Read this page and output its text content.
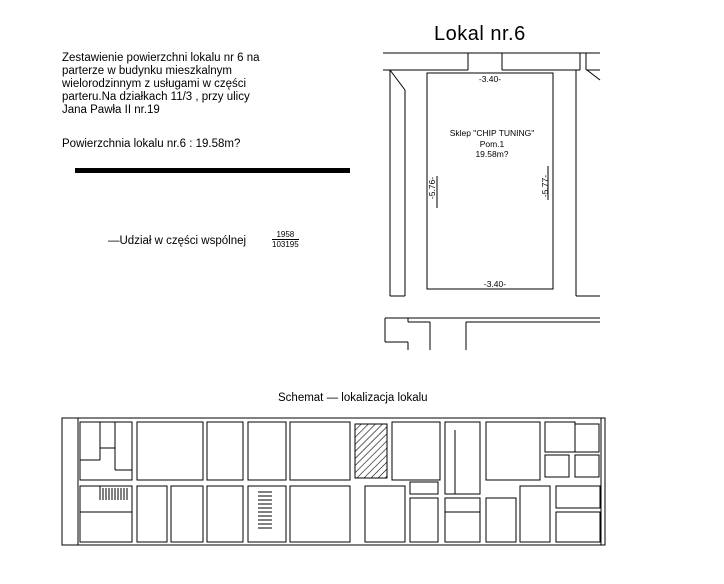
Lokal nr.6
Zestawienie powierzchni lokalu nr 6 na
parterze w budynku mieszkalnym
wielorodzinnym z usługami w części
parteru.Na działkach 11/3 , przy ulicy
Jana Pawła II nr.19
Powierzchnia lokalu nr.6 : 19.58m?
—Udział w części wspólnej	$\frac{1958}{103195}$
Schemat — lokalizacja lokalu
-3.40-
-3.40-
-5.76-	-5.77-
Sklep "CHIP TUNING"
Pom.1
19.58m?
